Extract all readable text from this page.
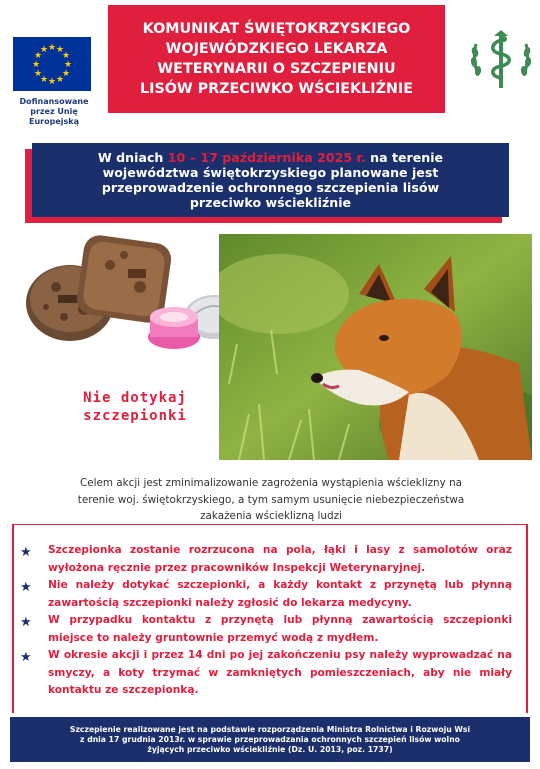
★ ★
★
★
★
★
★
★
★
★
★
★
Dofinansowane
przez Unię Europejską
KOMUNIKAT ŚWIĘTOKRZYSKIEGO
WOJEWÓDZKIEGO LEKARZA
WETERYNARII O SZCZEPIENIU
LISÓW PRZECIWKO WŚCIEKLIŹNIE
W dniach 10 – 17 października 2025 r. na terenie
województwa świętokrzyskiego planowane jest
przeprowadzenie ochronnego szczepienia lisów
przeciwko wściekliźnie
Nie dotykaj
szczepionki
Celem akcji jest zminimalizowanie zagrożenia wystąpienia wścieklizny na
terenie woj. świętokrzyskiego, a tym samym usunięcie niebezpieczeństwa
zakażenia wścieklizną ludzi
★ Szczepionka zostanie rozrzucona na pola, łąki i lasy z samolotów oraz wyłożona ręcznie przez pracowników Inspekcji Weterynaryjnej.
★ Nie należy dotykać szczepionki, a każdy kontakt z przynętą lub płynną zawartością szczepionki należy zgłosić do lekarza medycyny.
★ W przypadku kontaktu z przynętą lub płynną zawartością szczepionki miejsce to należy gruntownie przemyć wodą z mydłem.
★ W okresie akcji i przez 14 dni po jej zakończeniu psy należy wyprowadzać na smyczy, a koty trzymać w zamkniętych pomieszczeniach, aby nie miały kontaktu ze szczepionką.
Szczepienie realizowane jest na podstawie rozporządzenia Ministra Rolnictwa i Rozwoju Wsi
z dnia 17 grudnia 2013r. w sprawie przeprowadzania ochronnych szczepień lisów wolno
żyjących przeciwko wściekliźnie (Dz. U. 2013, poz. 1737)
